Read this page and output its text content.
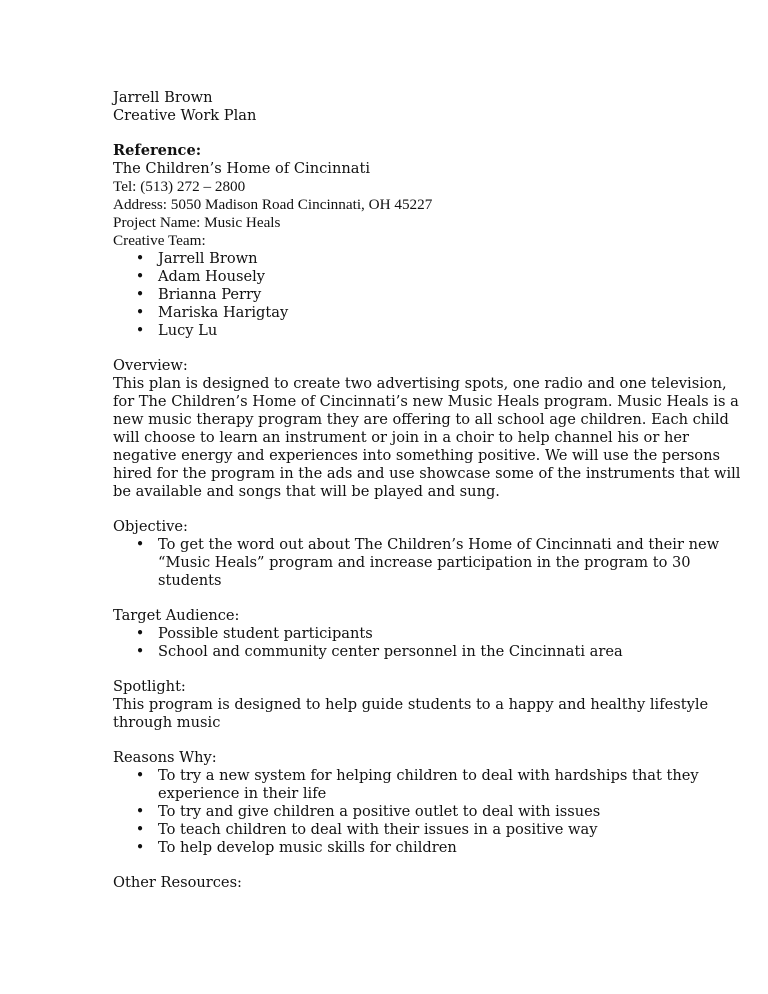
Jarrell Brown
Creative Work Plan
Reference:
The Children’s Home of Cincinnati
Tel: (513) 272 – 2800
Address: 5050 Madison Road Cincinnati, OH 45227
Project Name: Music Heals
Creative Team:
• Jarrell Brown
• Adam Housely
• Brianna Perry
• Mariska Harigtay
• Lucy Lu
Overview:
This plan is designed to create two advertising spots, one radio and one television,
for The Children’s Home of Cincinnati’s new Music Heals program. Music Heals is a
new music therapy program they are offering to all school age children. Each child
will choose to learn an instrument or join in a choir to help channel his or her
negative energy and experiences into something positive. We will use the persons
hired for the program in the ads and use showcase some of the instruments that will
be available and songs that will be played and sung.
Objective:
• To get the word out about The Children’s Home of Cincinnati and their new
“Music Heals” program and increase participation in the program to 30
students
Target Audience:
• Possible student participants
• School and community center personnel in the Cincinnati area
Spotlight:
This program is designed to help guide students to a happy and healthy lifestyle
through music
Reasons Why:
• To try a new system for helping children to deal with hardships that they
experience in their life
• To try and give children a positive outlet to deal with issues
• To teach children to deal with their issues in a positive way
• To help develop music skills for children
Other Resources:
